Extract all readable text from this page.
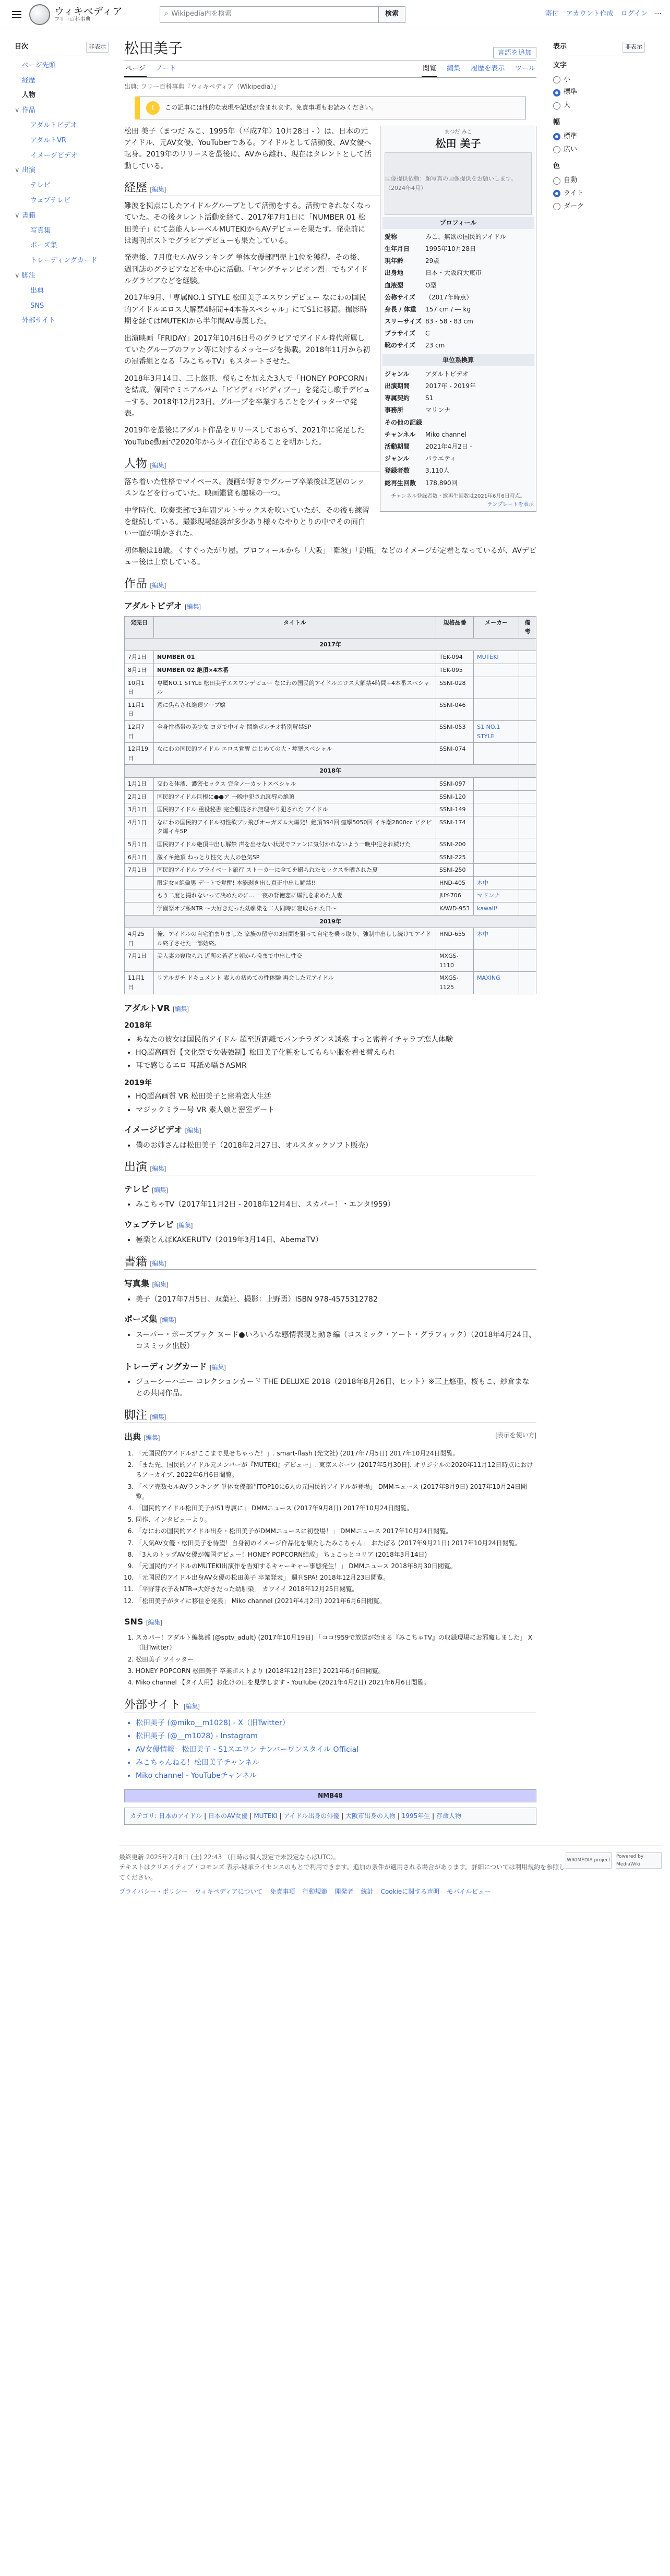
ウィキペディア
フリー百科事典
⌕ Wikipedia内を検索	検索	寄付 アカウント作成 ログイン ⋯
目次	非表示
ページ先頭
経歴
人物
∨ 作品
アダルトビデオ
アダルトVR
イメージビデオ
∨ 出演
テレビ
ウェブテレビ
∨ 書籍
写真集
ポーズ集
トレーディングカード
∨ 脚注
出典
SNS
外部サイト
松田美子	言語を追加
ページ ノート	閲覧 編集 履歴を表示 ツール
出典: フリー百科事典『ウィキペディア（Wikipedia）』
!	この記事には性的な表現や記述が含まれます。免責事項もお読みください。
まつだ みこ
松田 美子
画像提供依頼：顔写真の画像提供をお願いします。（2024年4月）
プロフィール
愛称	みこ、無欲の国民的アイドル
生年月日	1995年10月28日
現年齢	29歳
出身地	日本・大阪府大東市
血液型	O型
公称サイズ	（2017年時点）
身長 / 体重	157 cm / ― kg
スリーサイズ 83 - 58 - 83 cm
ブラサイズ	C
靴のサイズ	23 cm
単位系換算
ジャンル	アダルトビデオ
出演期間	2017年 - 2019年
専属契約	S1
事務所	マリンナ
その他の記録
チャンネル	Miko channel
活動期間	2021年4月2日 -
ジャンル	バラエティ
登録者数	3,110人
総再生回数	178,890回
チャンネル登録者数・総再生回数は2021年6月6日時点。
テンプレートを表示

松田 美子（まつだ みこ、1995年（平成7年）10月28日 - ）は、日本の元アイドル、元AV女優、YouTuberである。アイドルとして活動後、AV女優へ転身。2019年のリリースを最後に、AVから離れ、現在はタレントとして活動している。

経歴 [編集]

難波を拠点にしたアイドルグループとして活動をする。活動できれなくなっていた。その後タレント活動を経て、2017年7月1日に「NUMBER 01 松田美子」にて芸能人レーベルMUTEKIからAVデビューを果たす。発売前には週刊ポストでグラビアデビューも果たしている。

発売後、7月度セルAVランキング 単体女優部門売上1位を獲得。その後、週刊誌のグラビアなどを中心に活動。「ヤングチャンピオン烈」でもアイドルグラビアなどを経験。

2017年9月、「専属NO.1 STYLE 松田美子エスワンデビュー なにわの国民的アイドルエロス大解禁4時間+4本番スペシャル」にてS1に移籍。撮影時期を経てはMUTEKIから半年間AV専属した。

出演映画「FRIDAY」2017年10月6日号のグラビアでアイドル時代所属していたグループのファン等に対するメッセージを掲載。2018年11月から初の冠番組となる「みこちゃTV」もスタートさせた。

2018年3月14日、三上悠亜、桜もこを加えた3人で「HONEY POPCORN」を結成。韓国でミニアルバム「ビビディバビディブー」を発売し歌手デビューする。2018年12月23日、グループを卒業することをツイッターで発表。

2019年を最後にアダルト作品をリリースしておらず、2021年に発足したYouTube動画で2020年からタイ在住であることを明かした。

人物 [編集]

落ち着いた性格でマイペース。漫画が好きでグループ卒業後は芝居のレッスンなどを行っていた。映画鑑賞も趣味の一つ。

中学時代、吹奏楽部で3年間アルトサックスを吹いていたが、その後も練習を継続している。撮影現場経験が多少あり様々なやりとりの中でその面白い一面が明かされた。

初体験は18歳。くすぐったがり屋。プロフィールから「大阪」「難波」「釣瓶」などのイメージが定着となっているが、AVデビュー後は上京している。

作品 [編集]
アダルトビデオ [編集]
発売日	タイトル	規格品番	メーカー	備考
2017年				
7月1日	NUMBER 01	TEK-094	MUTEKI	
8月1日	NUMBER 02 絶頂×4本番	TEK-095		
10月1日	専属NO.1 STYLE 松田美子エスワンデビュー なにわの国民的アイドルエロス大解禁4時間+4本番スペシャル	SSNI-028		
11月1日	週に焦らされ絶頂ソープ嬢	SSNI-046		
12月7日	全身性感帯の美少女 ヨガで中イキ 悶絶ポルチオ特別解禁SP	SSNI-053	S1 NO.1 STYLE	
12月19日	なにわの国民的アイドル エロス覚醒 はじめての大・痙攣スペシャル	SSNI-074		
2018年				
1月1日	交わる体液、濃密セックス 完全ノーカットスペシャル	SSNI-097		
2月1日	国民的アイドル巨根に●●ア 一晩中犯され恥辱の絶頂	SSNI-120		
3月1日	国民的アイドル 重役秘書 完全服従され無理やり犯された アイドル	SSNI-149		
4月1日	なにわの国民的アイドル初性欲ブッ飛びオーガズム大爆発！絶頂394回 痙攣5050回 イキ潮2800cc ピクピク爆イキSP	SSNI-174		
5月1日	国民的アイドル絶頂中出し解禁 声を出せない状況でファンに気付かれないよう一晩中犯され続けた	SSNI-200		
6月1日	激イキ絶頂 ねっとり性交 大人の色気SP	SSNI-225		
7月1日	国民的アイドル プライベート旅行 ストーカーに全てを撮られたセックスを晒された夏	SSNI-250		
	限定女×絶倫男 デートで覚醒! 本能剥き出し真正中出し解禁!!	HND-405	本中	
	もう二度と撮れないって決めたのに… 一夜の背徳恋に爆乳を求めた人妻	JUY-706	マドンナ	
	学園祭オプ系NTR 〜大好きだった幼馴染を二人同時に寝取られた日〜	KAWD-953	kawaii*	
2019年				
4月25日	俺、アイドルの自宅泊まりました 家族の留守の3日間を狙って自宅を乗っ取り、強制中出しし続けてアイドル終了させた一部始終。	HND-655	本中	
7月1日	美人妻の寝取られ 近所の若者と朝から晩まで中出し性交	MXGS-1110		
11月1日	リアルガチ ドキュメント 素人の初めての性体験 再会した元アイドル	MXGS-1125	MAXING	
アダルトVR [編集]
2018年
• あなたの彼女は国民的アイドル 超至近距離でパンチラダンス誘惑 すっと密着イチャラブ恋人体験
• HQ超高画質【文化祭で女装強制】松田美子化粧をしてもらい服を着せ替えられ
• 耳で感じるエロ 耳舐め囁きASMR
2019年
• HQ超高画質 VR 松田美子と密着恋人生活
• マジックミラー号 VR 素人娘と密室デート
イメージビデオ [編集]
• 僕のお姉さんは松田美子（2018年2月27日、オルスタックソフト販売）
出演 [編集]
テレビ [編集]
• みこちゃTV（2017年11月2日 - 2018年12月4日、スカパー！・エンタ!959）
ウェブテレビ [編集]
• 極楽とんぼKAKERUTV（2019年3月14日、AbemaTV）
書籍 [編集]
写真集 [編集]
• 美子（2017年7月5日、双葉社、撮影：上野勇）ISBN 978-4575312782
ポーズ集 [編集]
• スーパー・ポーズブック ヌード●いろいろな感情表現と動き編（コスミック・アート・グラフィック）（2018年4月24日、コスミック出版）
トレーディングカード [編集]
• ジューシーハニー コレクションカード THE DELUXE 2018（2018年8月26日、ヒット）※三上悠亜、桜もこ、紗倉まなとの共同作品。
脚注 [編集]
出典 [編集]	[表示を使い方]
1. 「元国民的アイドルがここまで見せちゃった！」. smart-flash (光文社) (2017年7月5日) 2017年10月24日閲覧。
2. 「また先、国民的アイドル元メンバーが『MUTEKI』デビュー」. 東京スポーツ (2017年5月30日). オリジナルの2020年11月12日時点におけるアーカイブ. 2022年6月6日閲覧。
3. 「ペア売数セルAVランキング 単体女優部門TOP10に6人の元国民的アイドルが登場」 DMMニュース (2017年8月9日) 2017年10月24日閲覧。
4. 「国民的アイドル松田美子がS1専属に」 DMMニュース (2017年9月8日) 2017年10月24日閲覧。
5. 同作、インタビューより。
6. 「なにわの国民的アイドル出身・松田美子がDMMニュースに初登場！」 DMMニュース 2017年10月24日閲覧。
7. 「人気AV女優・松田美子を待望！自身初のイメージ作品化を果たしたみこちゃん」 おたぽる (2017年9月21日) 2017年10月24日閲覧。
8. 「3人のトップAV女優が韓国デビュー！HONEY POPCORN結成」 ちょこっとコリア (2018年3月14日)
9. 「元国民的アイドルのMUTEKI出演作を告知するキャーキャー事態発生！」 DMMニュース 2018年8月30日閲覧。
10. 「元国民的アイドル出身AV女優の松田美子 卒業発表」 週刊SPA! 2018年12月23日閲覧。
11. 「平野芽衣子＆NTR→大好きだった幼馴染」 カワイイ 2018年12月25日閲覧。
12. 「松田美子がタイに移住を発表」 Miko channel (2021年4月2日) 2021年6月6日閲覧。
SNS [編集]
1. スカパー！アダルト編集部 (@sptv_adult) (2017年10月19日) 「ココ!959で放送が始まる『みこちゃTV』の収録現場にお邪魔しました」 X（旧Twitter）
2. 松田美子 ツイッター
3. HONEY POPCORN 松田美子 卒業ポストより (2018年12月23日) 2021年6月6日閲覧。
4. Miko channel 【タイ人用】お化けの日を見学します - YouTube (2021年4月2日) 2021年6月6日閲覧。
外部サイト [編集]
• 松田美子 (@miko__m1028) - X（旧Twitter）
• 松田美子 (@__m1028) - Instagram
• AV女優情報：松田美子 - S1スエワン ナンバーワンスタイル Official
• みこちゃんねる！松田美子チャンネル
• Miko channel - YouTubeチャンネル
NMB48
カテゴリ: 日本のアイドル | 日本のAV女優 | MUTEKI | アイドル出身の俳優 | 大阪市出身の人物 | 1995年生 | 存命人物
表示	非表示
文字
小
標準
大
幅
標準
広い
色
自動
ライト
ダーク
WIKIMEDIA project
Powered by MediaWiki
最終更新 2025年2月8日 (土) 22:43 （日時は個人設定で未設定ならばUTC）。
テキストはクリエイティブ・コモンズ 表示-継承ライセンスのもとで利用できます。追加の条件が適用される場合があります。詳細については利用規約を参照してください。
プライバシー・ポリシー ウィキペディアについて 免責事項 行動規範 開発者 統計 Cookieに関する声明 モバイルビュー
